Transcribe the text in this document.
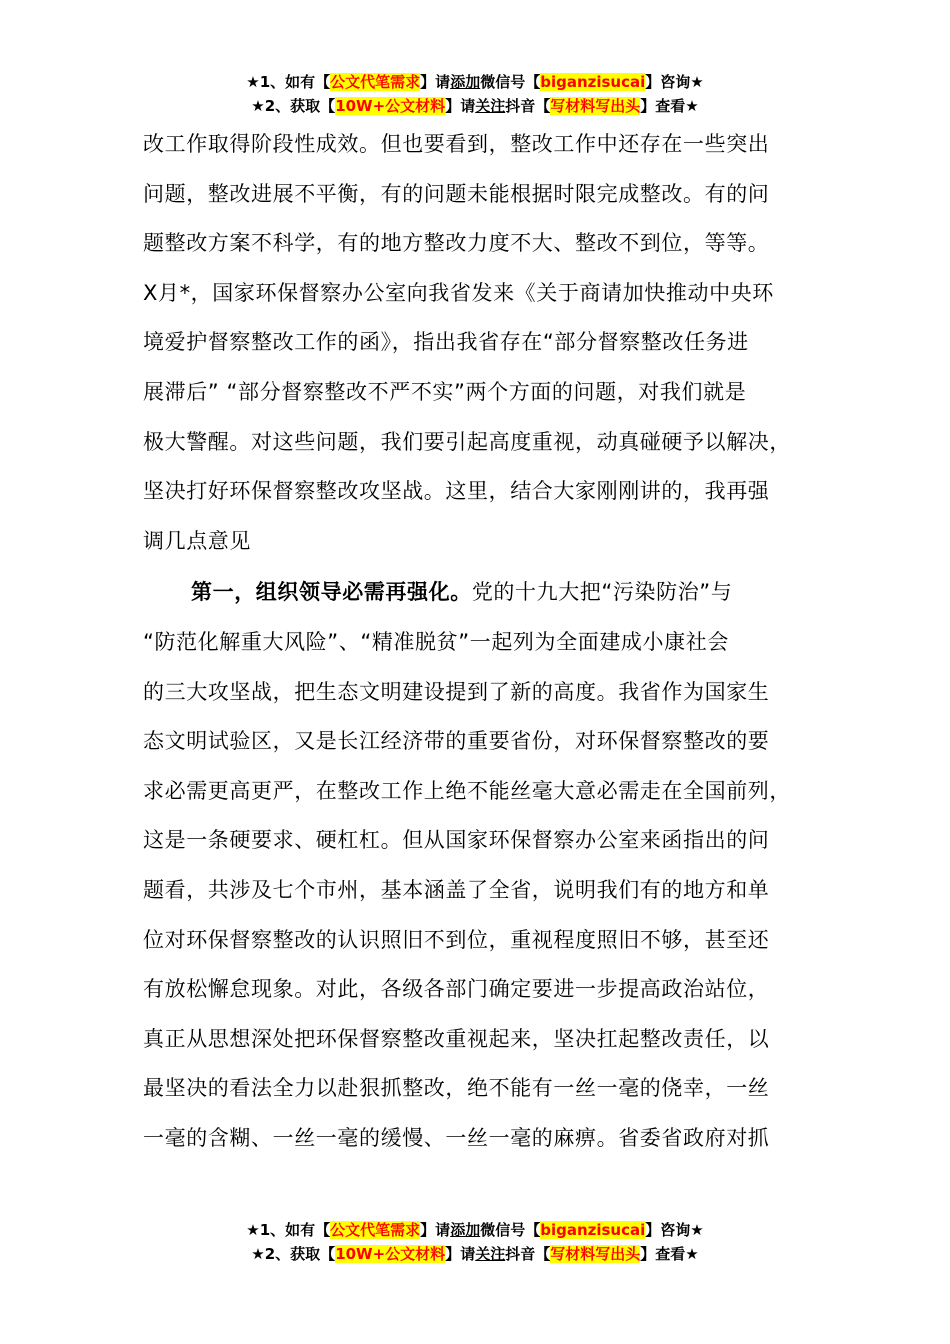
★1、如有【公文代笔需求】请添加微信号【biganzisucai】咨询★
★2、获取【10W+公文材料】请关注抖音【写材料写出头】查看★
改工作取得阶段性成效。但也要看到，整改工作中还存在一些突出
问题，整改进展不平衡，有的问题未能根据时限完成整改。有的问
题整改方案不科学，有的地方整改力度不大、整改不到位，等等。
X月*，国家环保督察办公室向我省发来《关于商请加快推动中央环
境爱护督察整改工作的函》，指出我省存在“部分督察整改任务进
展滞后” “部分督察整改不严不实”两个方面的问题，对我们就是
极大警醒。对这些问题，我们要引起高度重视，动真碰硬予以解决，
坚决打好环保督察整改攻坚战。这里，结合大家刚刚讲的，我再强
调几点意见
第一，组织领导必需再强化。党的十九大把“污染防治”与
“防范化解重大风险”、“精准脱贫”一起列为全面建成小康社会
的三大攻坚战，把生态文明建设提到了新的高度。我省作为国家生
态文明试验区，又是长江经济带的重要省份，对环保督察整改的要
求必需更高更严，在整改工作上绝不能丝毫大意必需走在全国前列，
这是一条硬要求、硬杠杠。但从国家环保督察办公室来函指出的问
题看，共涉及七个市州，基本涵盖了全省，说明我们有的地方和单
位对环保督察整改的认识照旧不到位，重视程度照旧不够，甚至还
有放松懈怠现象。对此，各级各部门确定要进一步提高政治站位，
真正从思想深处把环保督察整改重视起来，坚决扛起整改责任，以
最坚决的看法全力以赴狠抓整改，绝不能有一丝一毫的侥幸，一丝
一毫的含糊、一丝一毫的缓慢、一丝一毫的麻痹。省委省政府对抓
★1、如有【公文代笔需求】请添加微信号【biganzisucai】咨询★
★2、获取【10W+公文材料】请关注抖音【写材料写出头】查看★
